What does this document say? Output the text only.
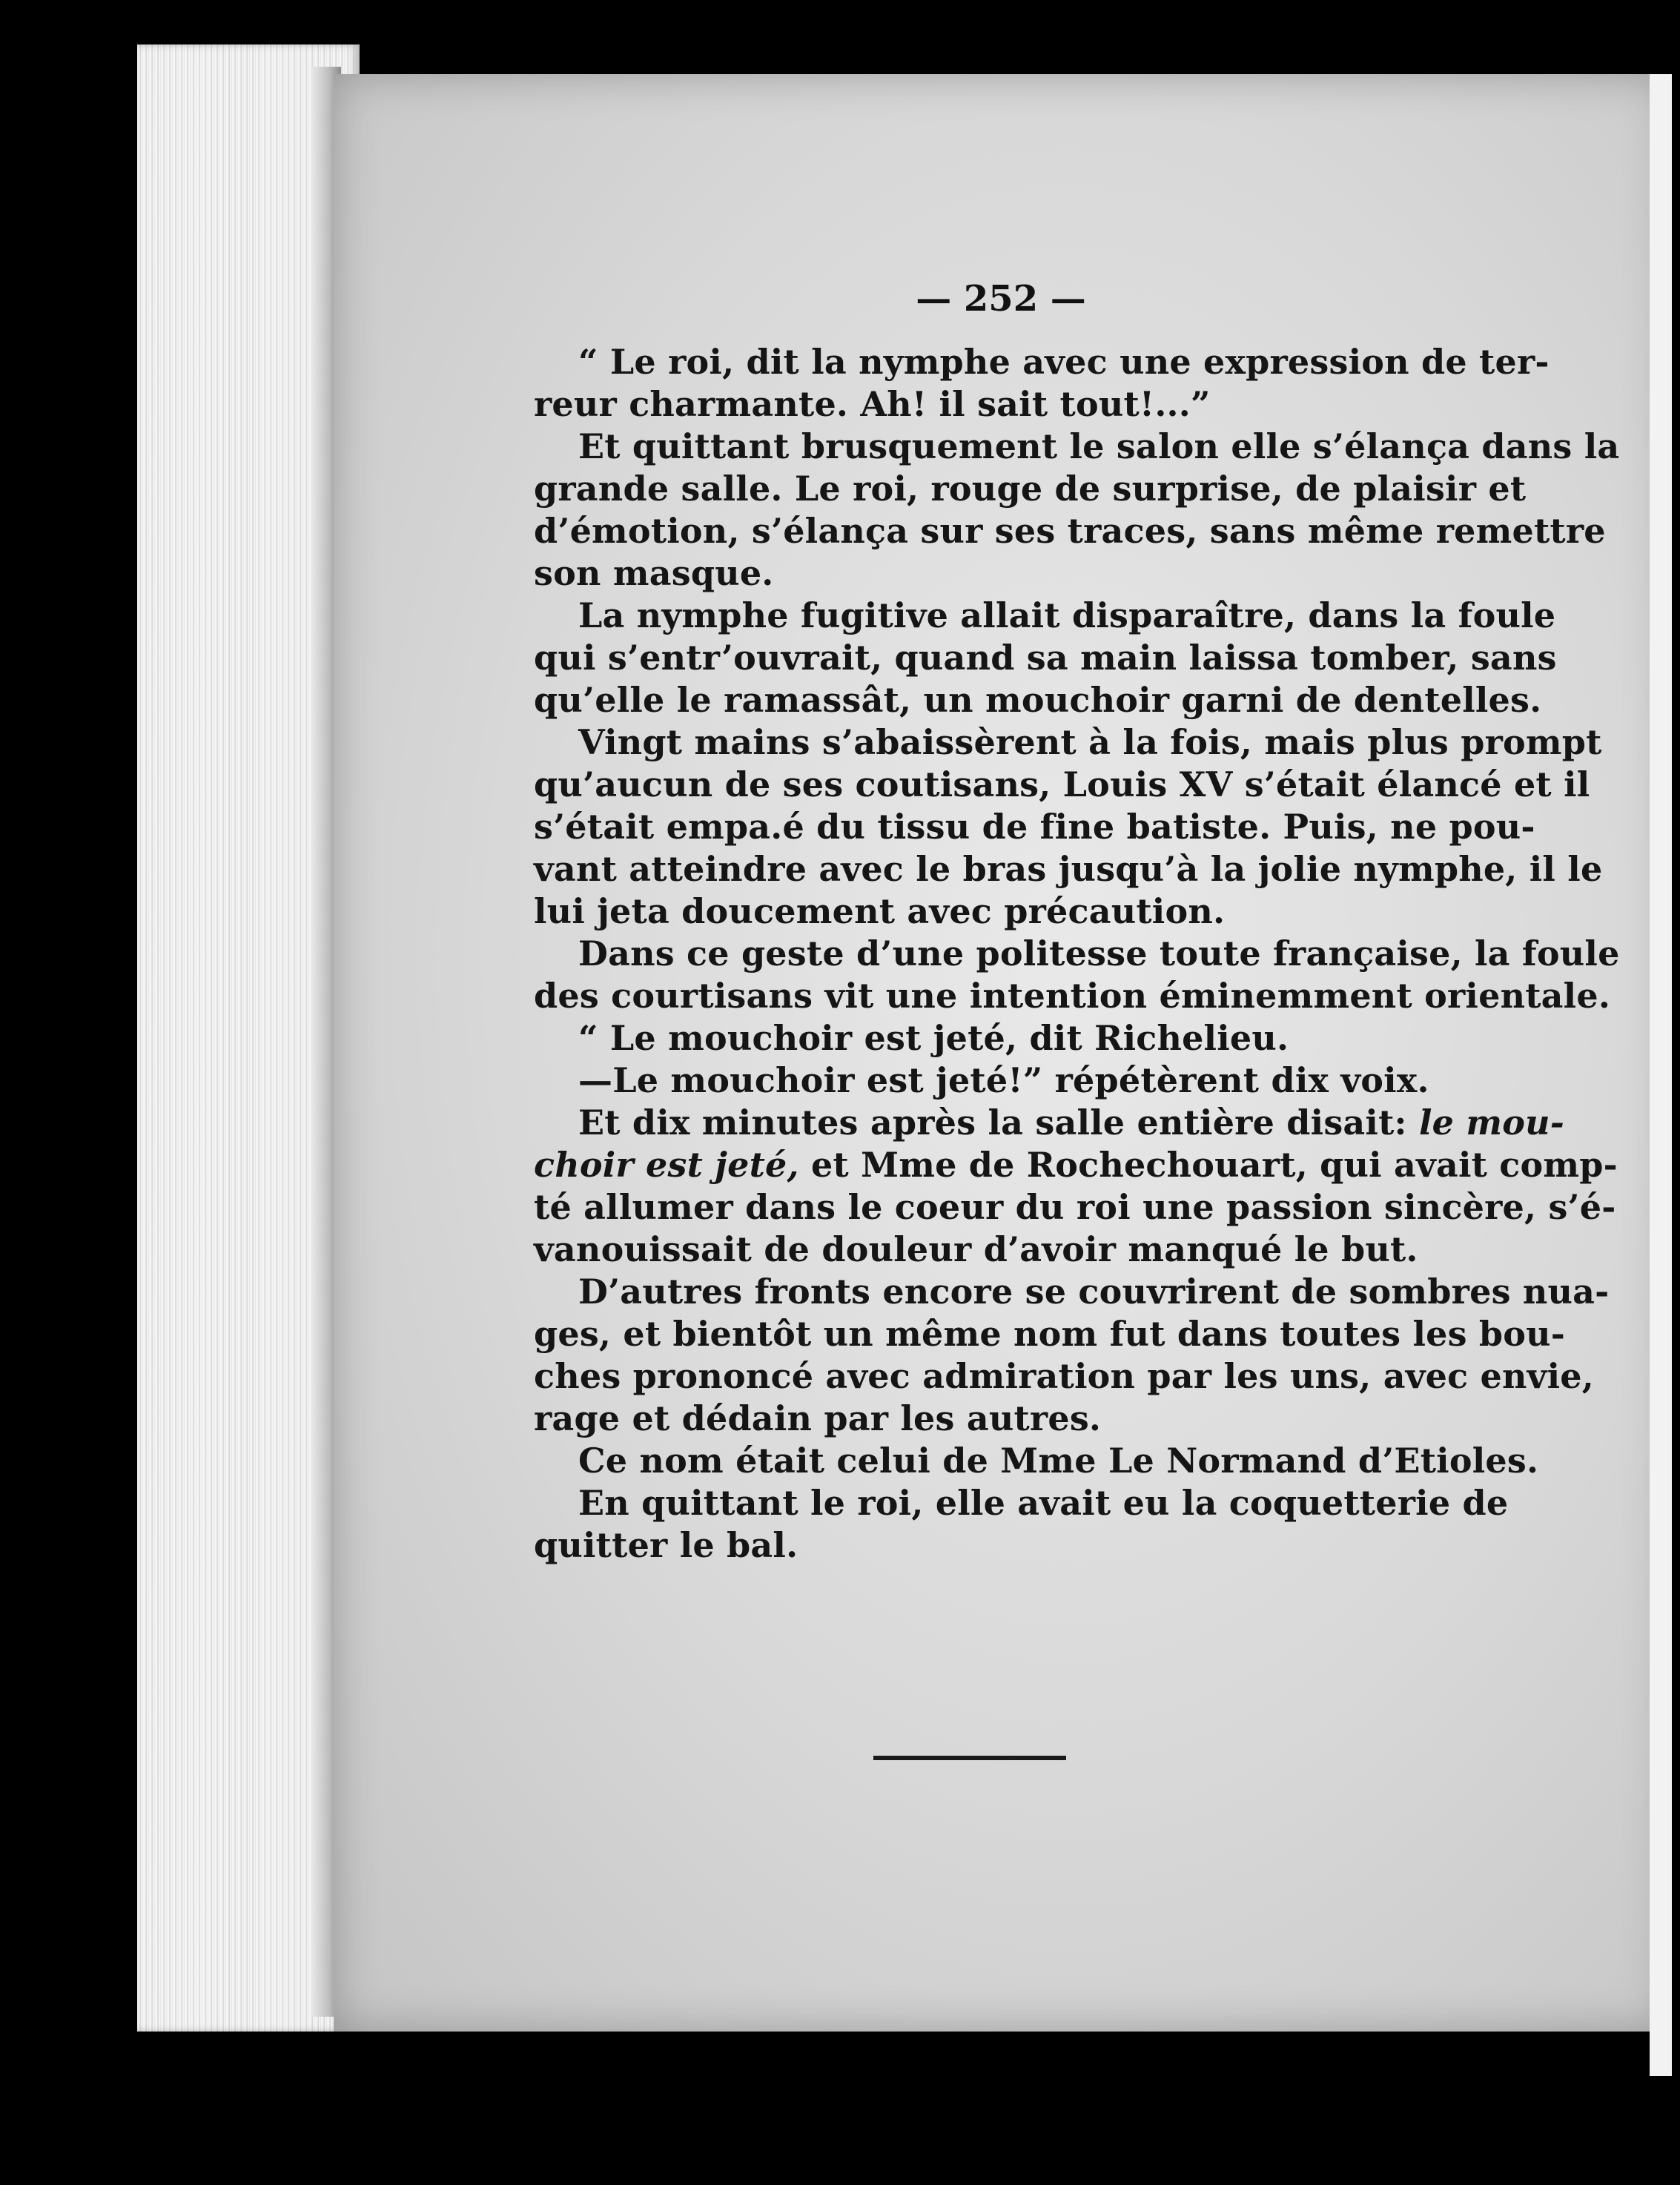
— 252 —
“ Le roi, dit la nymphe avec une expression de ter-
reur charmante. Ah! il sait tout!...”
Et quittant brusquement le salon elle s’élança dans la
grande salle. Le roi, rouge de surprise, de plaisir et
d’émotion, s’élança sur ses traces, sans même remettre
son masque.
La nymphe fugitive allait disparaître, dans la foule
qui s’entr’ouvrait, quand sa main laissa tomber, sans
qu’elle le ramassât, un mouchoir garni de dentelles.
Vingt mains s’abaissèrent à la fois, mais plus prompt
qu’aucun de ses coutisans, Louis XV s’était élancé et il
s’était empa.é du tissu de fine batiste. Puis, ne pou-
vant atteindre avec le bras jusqu’à la jolie nymphe, il le
lui jeta doucement avec précaution.
Dans ce geste d’une politesse toute française, la foule
des courtisans vit une intention éminemment orientale.
“ Le mouchoir est jeté, dit Richelieu.
—Le mouchoir est jeté!” répétèrent dix voix.
Et dix minutes après la salle entière disait: le mou-
choir est jeté, et Mme de Rochechouart, qui avait comp-
té allumer dans le coeur du roi une passion sincère, s’é-
vanouissait de douleur d’avoir manqué le but.
D’autres fronts encore se couvrirent de sombres nua-
ges, et bientôt un même nom fut dans toutes les bou-
ches prononcé avec admiration par les uns, avec envie,
rage et dédain par les autres.
Ce nom était celui de Mme Le Normand d’Etioles.
En quittant le roi, elle avait eu la coquetterie de
quitter le bal.
